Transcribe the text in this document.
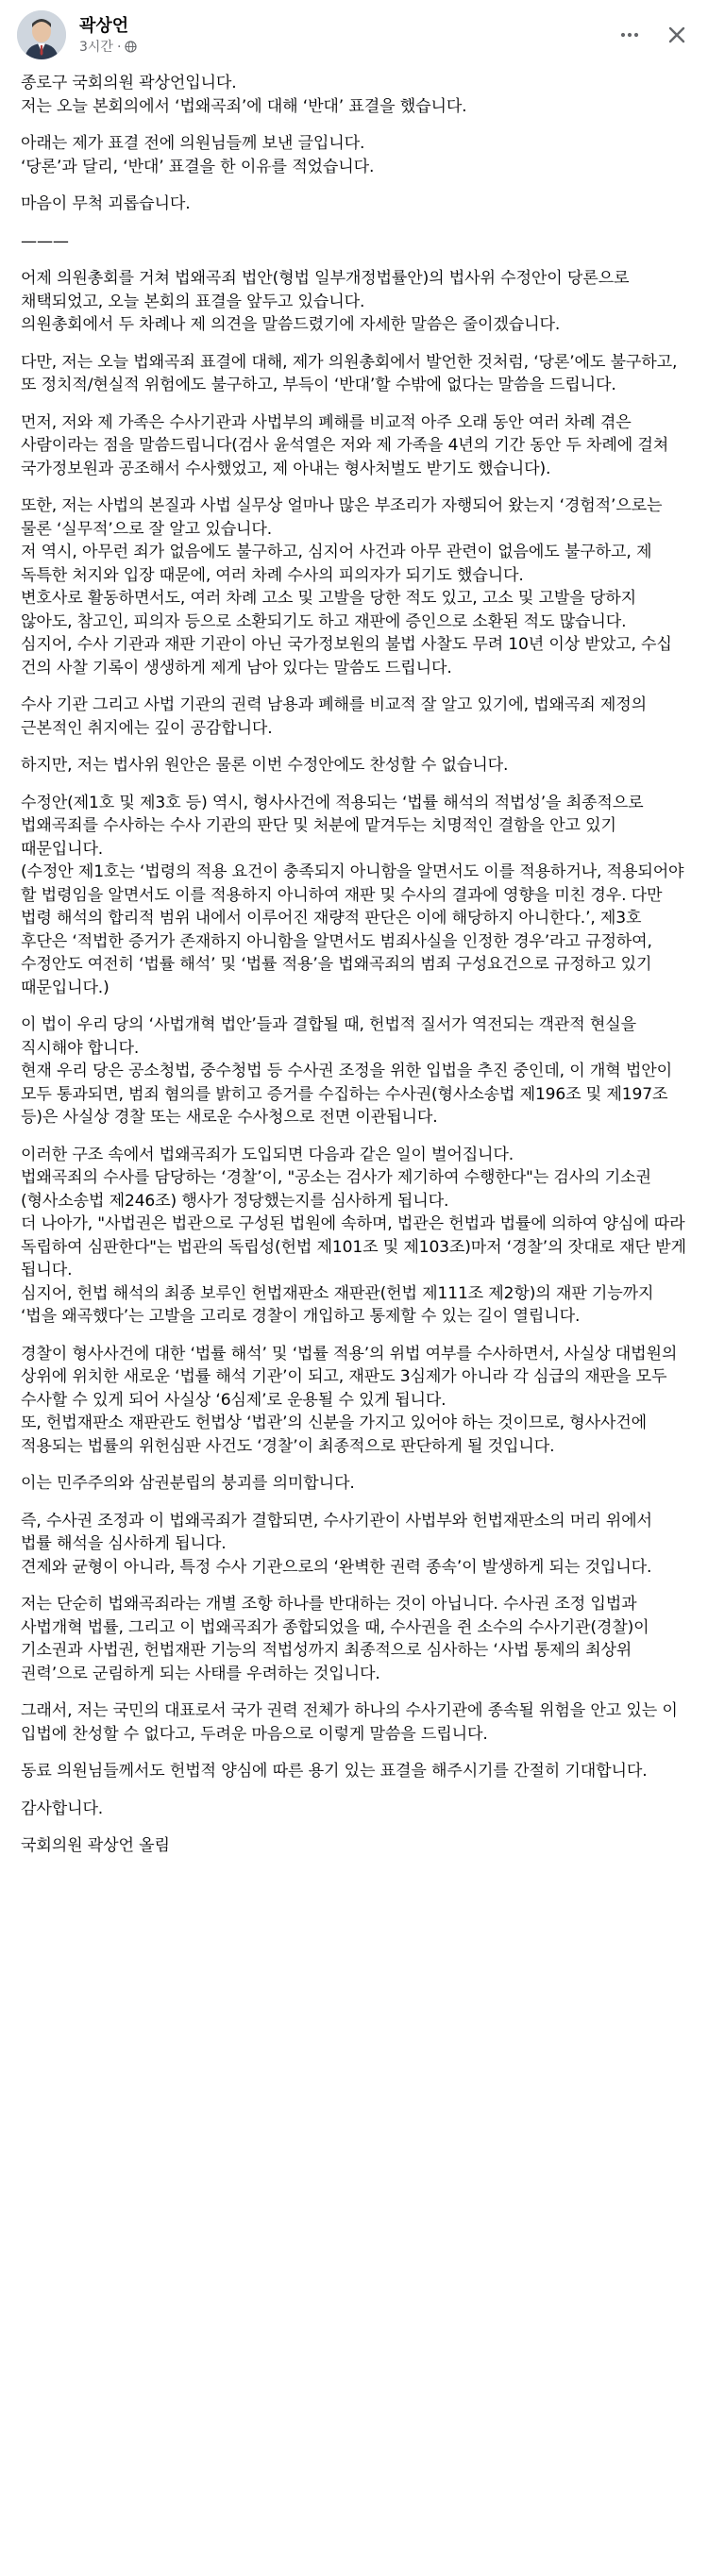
곽상언
3시간 ·

종로구 국회의원 곽상언입니다.
저는 오늘 본회의에서 ‘법왜곡죄’에 대해 ‘반대’ 표결을 했습니다.

아래는 제가 표결 전에 의원님들께 보낸 글입니다.
‘당론’과 달리, ‘반대’ 표결을 한 이유를 적었습니다.

마음이 무척 괴롭습니다.

———

어제 의원총회를 거쳐 법왜곡죄 법안(형법 일부개정법률안)의 법사위 수정안이 당론으로 채택되었고, 오늘 본회의 표결을 앞두고 있습니다.
의원총회에서 두 차례나 제 의견을 말씀드렸기에 자세한 말씀은 줄이겠습니다.

다만, 저는 오늘 법왜곡죄 표결에 대해, 제가 의원총회에서 발언한 것처럼, ‘당론’에도 불구하고, 또 정치적/현실적 위험에도 불구하고, 부득이 ‘반대’할 수밖에 없다는 말씀을 드립니다.

먼저, 저와 제 가족은 수사기관과 사법부의 폐해를 비교적 아주 오래 동안 여러 차례 겪은 사람이라는 점을 말씀드립니다(검사 윤석열은 저와 제 가족을 4년의 기간 동안 두 차례에 걸쳐 국가정보원과 공조해서 수사했었고, 제 아내는 형사처벌도 받기도 했습니다).

또한, 저는 사법의 본질과 사법 실무상 얼마나 많은 부조리가 자행되어 왔는지 ‘경험적’으로는 물론 ‘실무적’으로 잘 알고 있습니다.
저 역시, 아무런 죄가 없음에도 불구하고, 심지어 사건과 아무 관련이 없음에도 불구하고, 제 독특한 처지와 입장 때문에, 여러 차례 수사의 피의자가 되기도 했습니다.
변호사로 활동하면서도, 여러 차례 고소 및 고발을 당한 적도 있고, 고소 및 고발을 당하지 않아도, 참고인, 피의자 등으로 소환되기도 하고 재판에 증인으로 소환된 적도 많습니다.
심지어, 수사 기관과 재판 기관이 아닌 국가정보원의 불법 사찰도 무려 10년 이상 받았고, 수십 건의 사찰 기록이 생생하게 제게 남아 있다는 말씀도 드립니다.

수사 기관 그리고 사법 기관의 권력 남용과 폐해를 비교적 잘 알고 있기에, 법왜곡죄 제정의 근본적인 취지에는 깊이 공감합니다.

하지만, 저는 법사위 원안은 물론 이번 수정안에도 찬성할 수 없습니다.

수정안(제1호 및 제3호 등) 역시, 형사사건에 적용되는 ‘법률 해석의 적법성’을 최종적으로 법왜곡죄를 수사하는 수사 기관의 판단 및 처분에 맡겨두는 치명적인 결함을 안고 있기 때문입니다.
(수정안 제1호는 ‘법령의 적용 요건이 충족되지 아니함을 알면서도 이를 적용하거나, 적용되어야 할 법령임을 알면서도 이를 적용하지 아니하여 재판 및 수사의 결과에 영향을 미친 경우. 다만 법령 해석의 합리적 범위 내에서 이루어진 재량적 판단은 이에 해당하지 아니한다.’, 제3호 후단은 ‘적법한 증거가 존재하지 아니함을 알면서도 범죄사실을 인정한 경우’라고 규정하여, 수정안도 여전히 ‘법률 해석’ 및 ‘법률 적용’을 법왜곡죄의 범죄 구성요건으로 규정하고 있기 때문입니다.)

이 법이 우리 당의 ‘사법개혁 법안’들과 결합될 때, 헌법적 질서가 역전되는 객관적 현실을 직시해야 합니다.
현재 우리 당은 공소청법, 중수청법 등 수사권 조정을 위한 입법을 추진 중인데, 이 개혁 법안이 모두 통과되면, 범죄 혐의를 밝히고 증거를 수집하는 수사권(형사소송법 제196조 및 제197조 등)은 사실상 경찰 또는 새로운 수사청으로 전면 이관됩니다.

이러한 구조 속에서 법왜곡죄가 도입되면 다음과 같은 일이 벌어집니다.
법왜곡죄의 수사를 담당하는 ‘경찰’이, "공소는 검사가 제기하여 수행한다"는 검사의 기소권(형사소송법 제246조) 행사가 정당했는지를 심사하게 됩니다.
더 나아가, "사법권은 법관으로 구성된 법원에 속하며, 법관은 헌법과 법률에 의하여 양심에 따라 독립하여 심판한다"는 법관의 독립성(헌법 제101조 및 제103조)마저 ‘경찰’의 잣대로 재단 받게 됩니다.
심지어, 헌법 해석의 최종 보루인 헌법재판소 재판관(헌법 제111조 제2항)의 재판 기능까지 ‘법을 왜곡했다’는 고발을 고리로 경찰이 개입하고 통제할 수 있는 길이 열립니다.

경찰이 형사사건에 대한 ‘법률 해석’ 및 ‘법률 적용’의 위법 여부를 수사하면서, 사실상 대법원의 상위에 위치한 새로운 ‘법률 해석 기관’이 되고, 재판도 3심제가 아니라 각 심급의 재판을 모두 수사할 수 있게 되어 사실상 ‘6심제’로 운용될 수 있게 됩니다.
또, 헌법재판소 재판관도 헌법상 ‘법관’의 신분을 가지고 있어야 하는 것이므로, 형사사건에 적용되는 법률의 위헌심판 사건도 ‘경찰’이 최종적으로 판단하게 될 것입니다.

이는 민주주의와 삼권분립의 붕괴를 의미합니다.

즉, 수사권 조정과 이 법왜곡죄가 결합되면, 수사기관이 사법부와 헌법재판소의 머리 위에서 법률 해석을 심사하게 됩니다.
견제와 균형이 아니라, 특정 수사 기관으로의 ‘완벽한 권력 종속’이 발생하게 되는 것입니다.

저는 단순히 법왜곡죄라는 개별 조항 하나를 반대하는 것이 아닙니다. 수사권 조정 입법과 사법개혁 법률, 그리고 이 법왜곡죄가 종합되었을 때, 수사권을 쥔 소수의 수사기관(경찰)이 기소권과 사법권, 헌법재판 기능의 적법성까지 최종적으로 심사하는 ‘사법 통제의 최상위 권력’으로 군림하게 되는 사태를 우려하는 것입니다.

그래서, 저는 국민의 대표로서 국가 권력 전체가 하나의 수사기관에 종속될 위험을 안고 있는 이 입법에 찬성할 수 없다고, 두려운 마음으로 이렇게 말씀을 드립니다.

동료 의원님들께서도 헌법적 양심에 따른 용기 있는 표결을 해주시기를 간절히 기대합니다.

감사합니다.

국회의원 곽상언 올림
